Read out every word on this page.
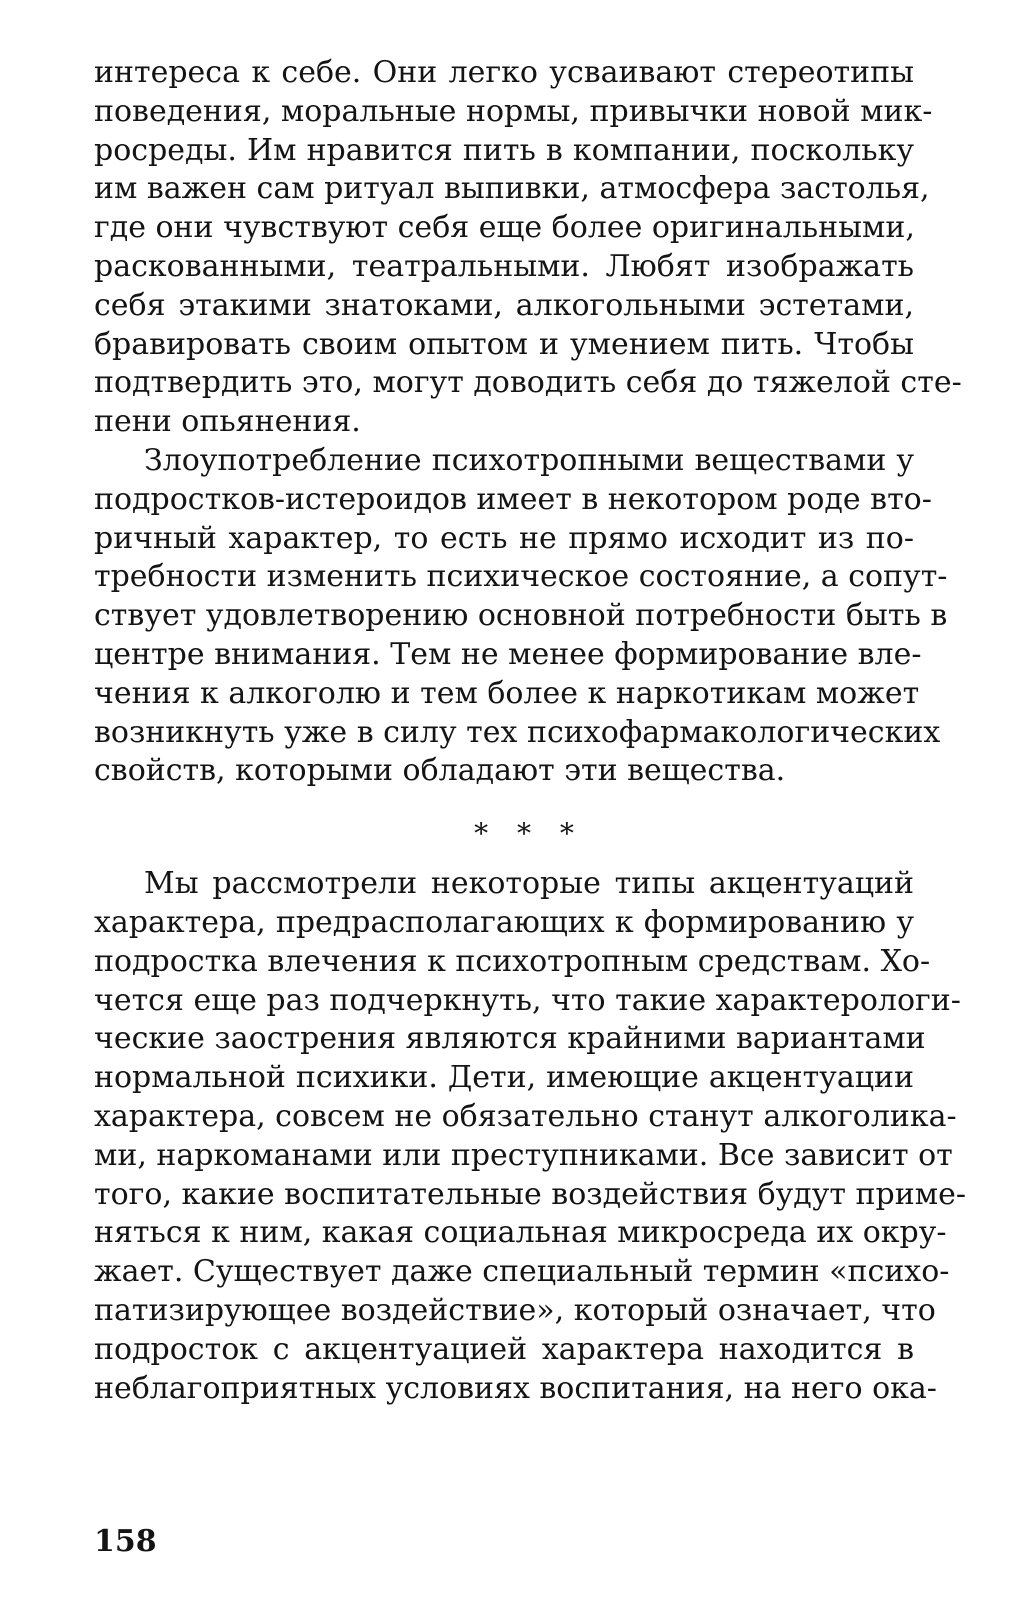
интереса к себе. Они легко усваивают стереотипы
поведения, моральные нормы, привычки новой мик-
росреды. Им нравится пить в компании, поскольку
им важен сам ритуал выпивки, атмосфера застолья,
где они чувствуют себя еще более оригинальными,
раскованными, театральными. Любят изображать
себя этакими знатоками, алкогольными эстетами,
бравировать своим опытом и умением пить. Чтобы
подтвердить это, могут доводить себя до тяжелой сте-
пени опьянения.
Злоупотребление психотропными веществами у
подростков-истероидов имеет в некотором роде вто-
ричный характер, то есть не прямо исходит из по-
требности изменить психическое состояние, а сопут-
ствует удовлетворению основной потребности быть в
центре внимания. Тем не менее формирование вле-
чения к алкоголю и тем более к наркотикам может
возникнуть уже в силу тех психофармакологических
свойств, которыми обладают эти вещества.
* * *
Мы рассмотрели некоторые типы акцентуаций
характера, предрасполагающих к формированию у
подростка влечения к психотропным средствам. Хо-
чется еще раз подчеркнуть, что такие характерологи-
ческие заострения являются крайними вариантами
нормальной психики. Дети, имеющие акцентуации
характера, совсем не обязательно станут алкоголика-
ми, наркоманами или преступниками. Все зависит от
того, какие воспитательные воздействия будут приме-
няться к ним, какая социальная микросреда их окру-
жает. Существует даже специальный термин «психо-
патизирующее воздействие», который означает, что
подросток с акцентуацией характера находится в
неблагоприятных условиях воспитания, на него ока-
158
